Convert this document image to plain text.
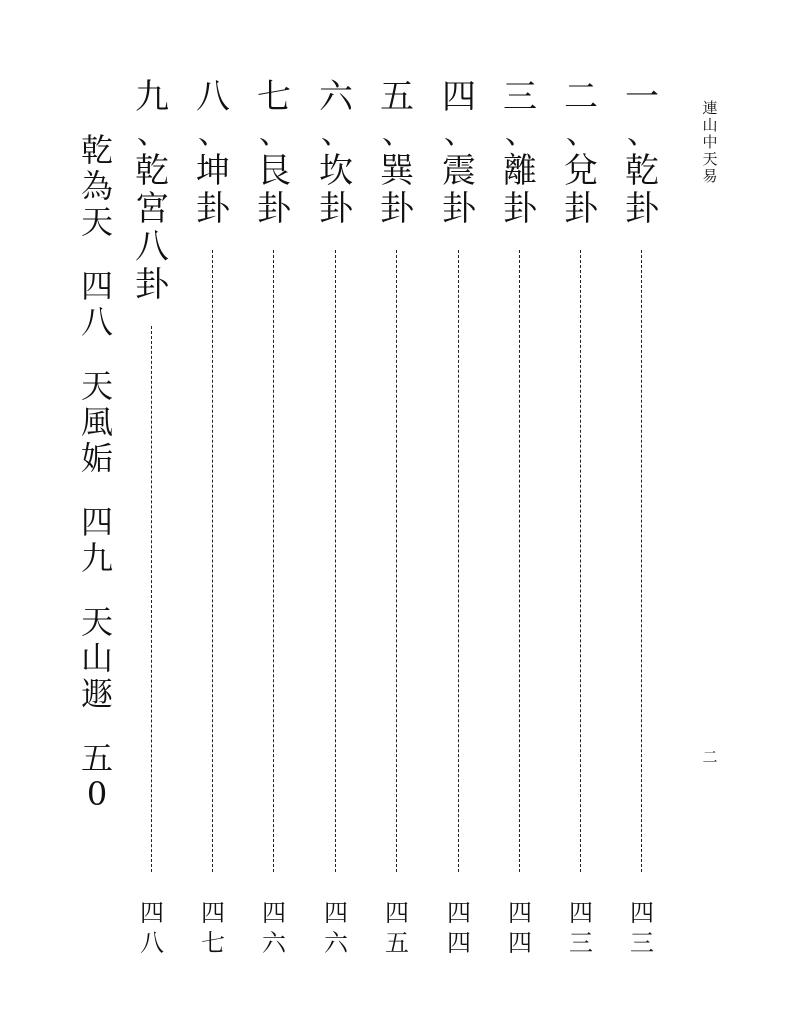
連
山
中
天
易
二
一
、
乾
卦
四
三
二
、
兌
卦
四
三
三
、
離
卦
四
四
四
、
震
卦
四
四
五
、
巽
卦
四
五
六
、
坎
卦
四
六
七
、
艮
卦
四
六
八
、
坤
卦
四
七
九
、
乾
宮
八
卦
四
八
乾
為
天
四
八
天
風
姤
四
九
天
山
遯
五
0
